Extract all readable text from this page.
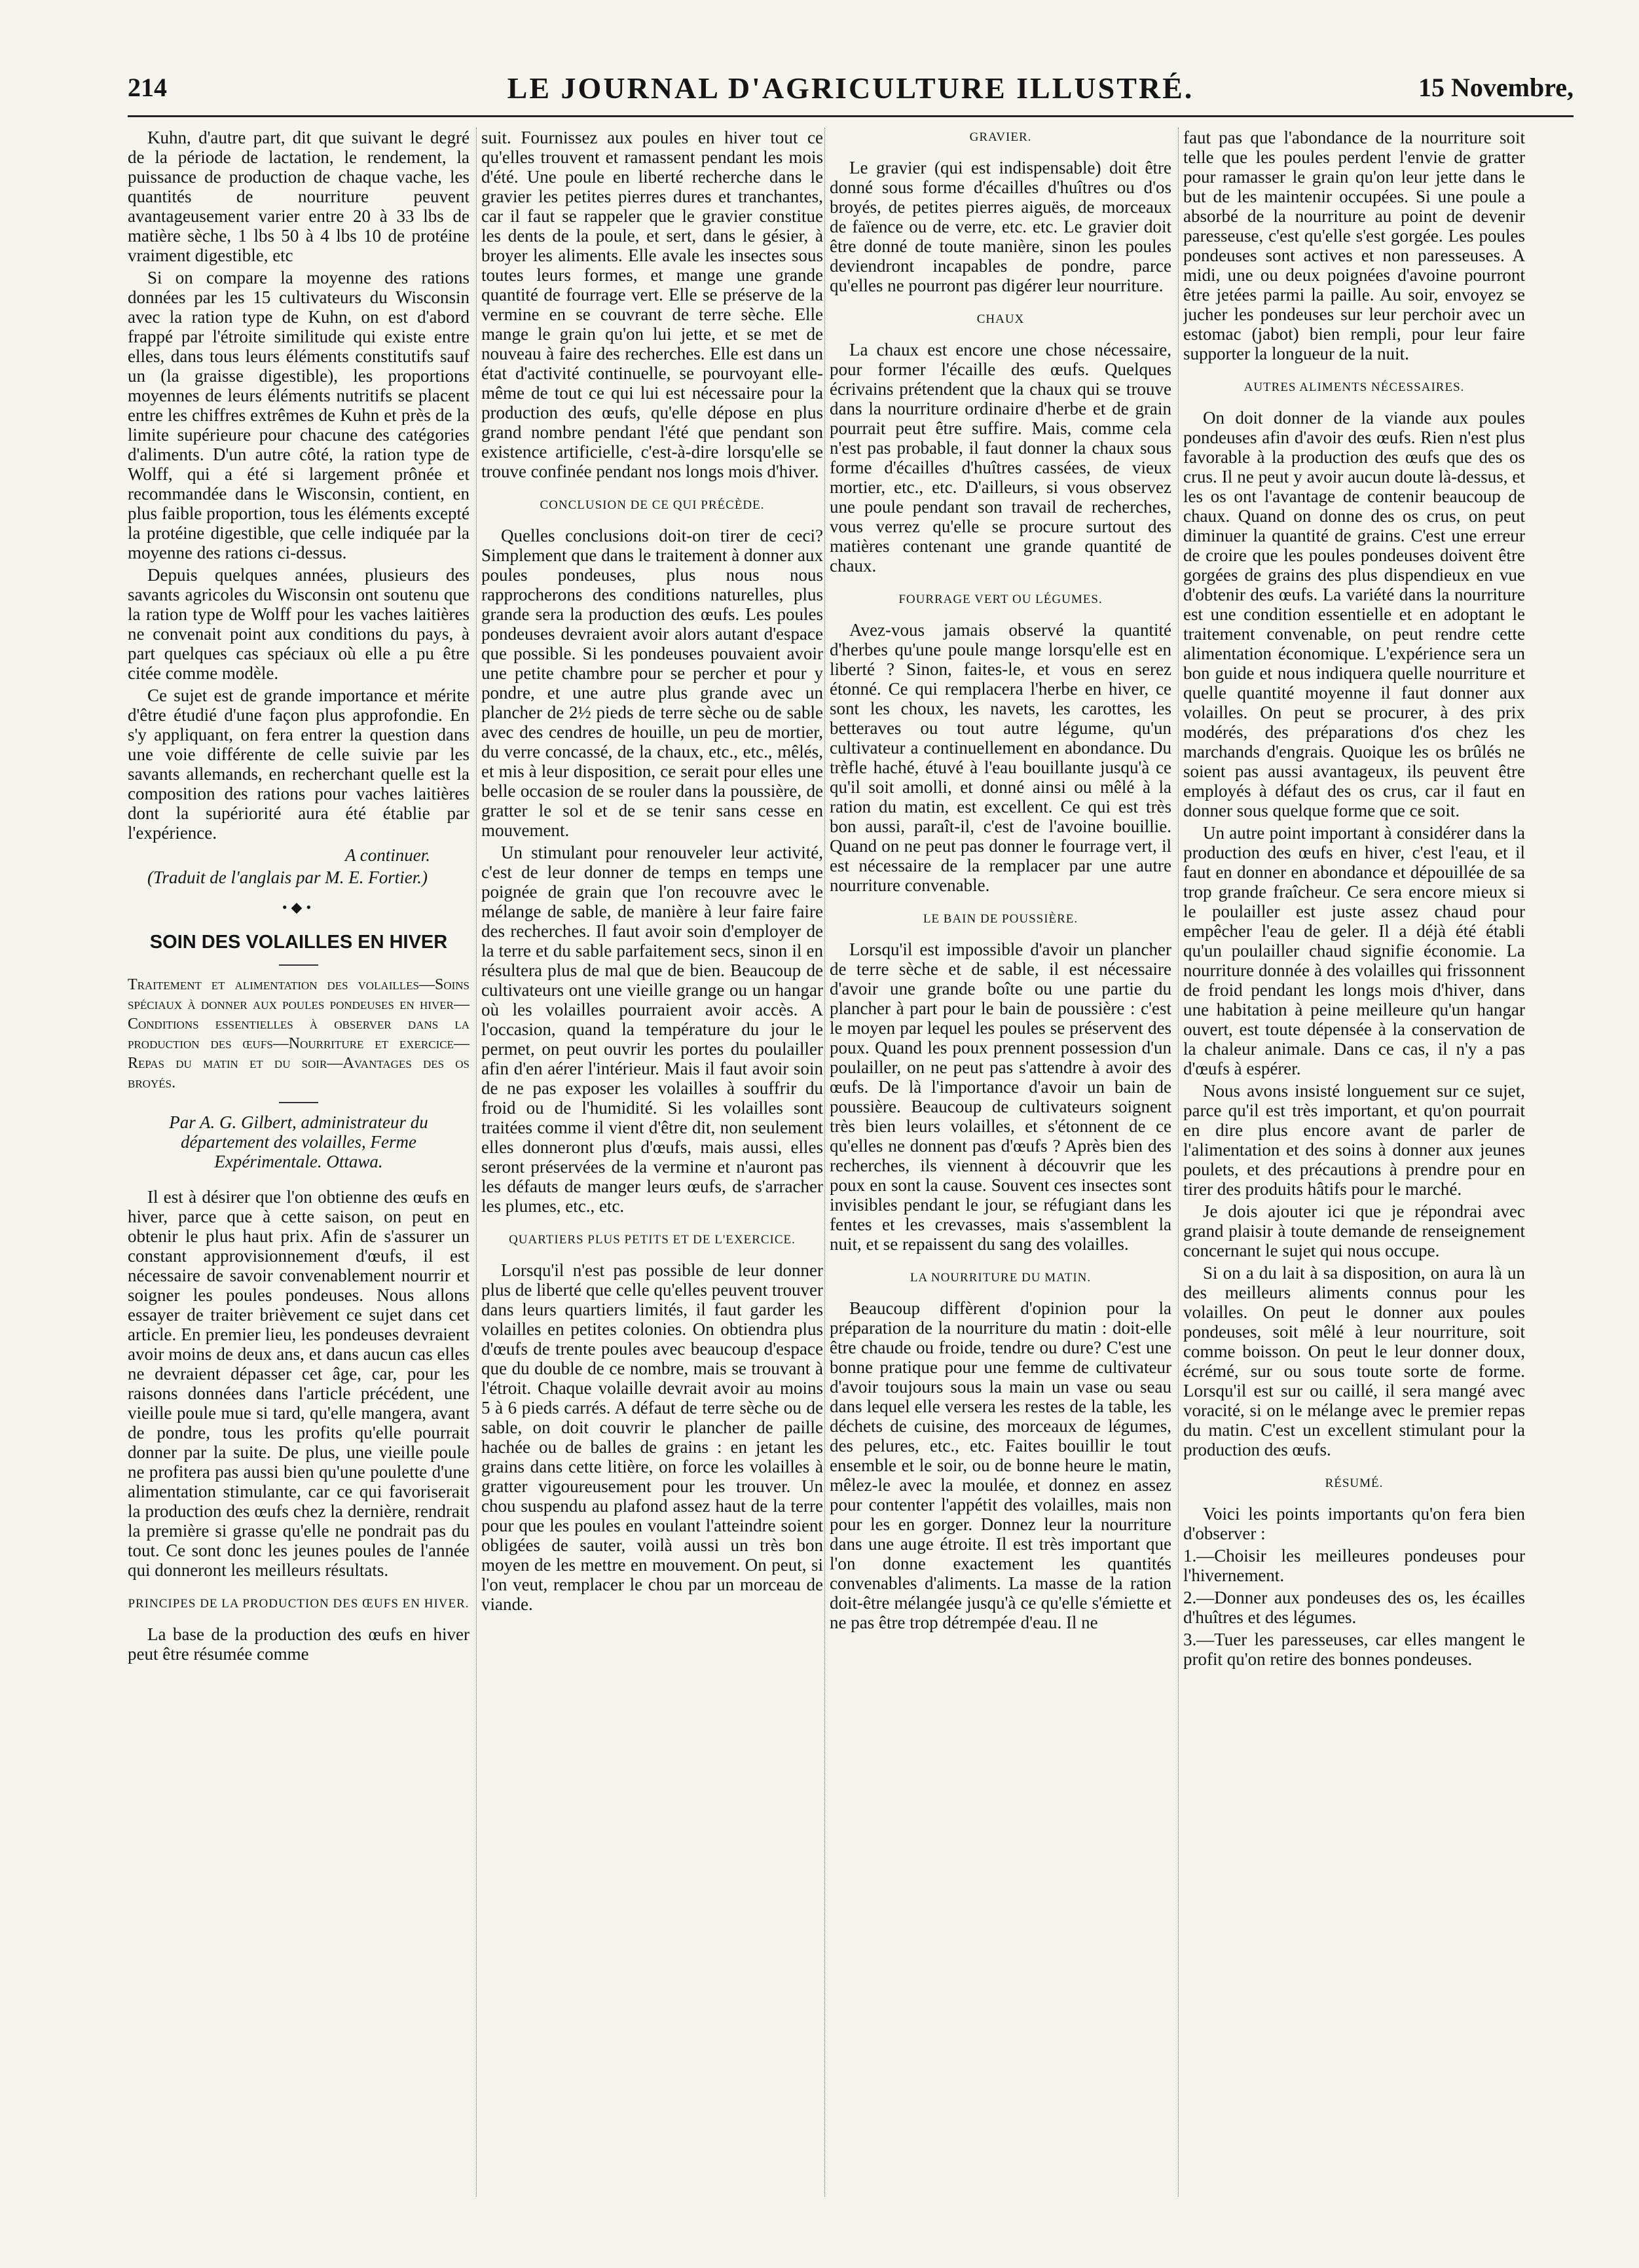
214	LE JOURNAL D'AGRICULTURE ILLUSTRÉ.	15 Novembre,

Kuhn, d'autre part, dit que suivant le degré de la période de lactation, le rendement, la puissance de production de chaque vache, les quantités de nourriture peuvent avantageusement varier entre 20 à 33 lbs de matière sèche, 1 lbs 50 à 4 lbs 10 de protéine vraiment digestible, etc

Si on compare la moyenne des rations données par les 15 cultivateurs du Wisconsin avec la ration type de Kuhn, on est d'abord frappé par l'étroite similitude qui existe entre elles, dans tous leurs éléments constitutifs sauf un (la graisse digestible), les proportions moyennes de leurs éléments nutritifs se placent entre les chiffres extrêmes de Kuhn et près de la limite supérieure pour chacune des catégories d'aliments. D'un autre côté, la ration type de Wolff, qui a été si largement prônée et recommandée dans le Wisconsin, contient, en plus faible proportion, tous les éléments excepté la protéine digestible, que celle indiquée par la moyenne des rations ci-dessus.

Depuis quelques années, plusieurs des savants agricoles du Wisconsin ont soutenu que la ration type de Wolff pour les vaches laitières ne convenait point aux conditions du pays, à part quelques cas spéciaux où elle a pu être citée comme modèle.

Ce sujet est de grande importance et mérite d'être étudié d'une façon plus approfondie. En s'y appliquant, on fera entrer la question dans une voie différente de celle suivie par les savants allemands, en recherchant quelle est la composition des rations pour vaches laitières dont la supériorité aura été établie par l'expérience.

A continuer.

(Traduit de l'anglais par M. E. Fortier.)

•◆•
SOIN DES VOLAILLES EN HIVER

Traitement et alimentation des volailles—Soins spéciaux à donner aux poules pondeuses en hiver—Conditions essentielles à observer dans la production des œufs—Nourriture et exercice—Repas du matin et du soir—Avantages des os broyés.

Par A. G. Gilbert, administrateur du département des volailles, Ferme Expérimentale. Ottawa.

Il est à désirer que l'on obtienne des œufs en hiver, parce que à cette saison, on peut en obtenir le plus haut prix. Afin de s'assurer un constant approvisionnement d'œufs, il est nécessaire de savoir convenablement nourrir et soigner les poules pondeuses. Nous allons essayer de traiter brièvement ce sujet dans cet article. En premier lieu, les pondeuses devraient avoir moins de deux ans, et dans aucun cas elles ne devraient dépasser cet âge, car, pour les raisons données dans l'article précédent, une vieille poule mue si tard, qu'elle mangera, avant de pondre, tous les profits qu'elle pourrait donner par la suite. De plus, une vieille poule ne profitera pas aussi bien qu'une poulette d'une alimentation stimulante, car ce qui favoriserait la production des œufs chez la dernière, rendrait la première si grasse qu'elle ne pondrait pas du tout. Ce sont donc les jeunes poules de l'année qui donneront les meilleurs résultats.

PRINCIPES DE LA PRODUCTION DES ŒUFS EN HIVER.

La base de la production des œufs en hiver peut être résumée comme

suit. Fournissez aux poules en hiver tout ce qu'elles trouvent et ramassent pendant les mois d'été. Une poule en liberté recherche dans le gravier les petites pierres dures et tranchantes, car il faut se rappeler que le gravier constitue les dents de la poule, et sert, dans le gésier, à broyer les aliments. Elle avale les insectes sous toutes leurs formes, et mange une grande quantité de fourrage vert. Elle se préserve de la vermine en se couvrant de terre sèche. Elle mange le grain qu'on lui jette, et se met de nouveau à faire des recherches. Elle est dans un état d'activité continuelle, se pourvoyant elle-même de tout ce qui lui est nécessaire pour la production des œufs, qu'elle dépose en plus grand nombre pendant l'été que pendant son existence artificielle, c'est-à-dire lorsqu'elle se trouve confinée pendant nos longs mois d'hiver.

CONCLUSION DE CE QUI PRÉCÈDE.

Quelles conclusions doit-on tirer de ceci? Simplement que dans le traitement à donner aux poules pondeuses, plus nous nous rapprocherons des conditions naturelles, plus grande sera la production des œufs. Les poules pondeuses devraient avoir alors autant d'espace que possible. Si les pondeuses pouvaient avoir une petite chambre pour se percher et pour y pondre, et une autre plus grande avec un plancher de 2½ pieds de terre sèche ou de sable avec des cendres de houille, un peu de mortier, du verre concassé, de la chaux, etc., etc., mêlés, et mis à leur disposition, ce serait pour elles une belle occasion de se rouler dans la poussière, de gratter le sol et de se tenir sans cesse en mouvement.

Un stimulant pour renouveler leur activité, c'est de leur donner de temps en temps une poignée de grain que l'on recouvre avec le mélange de sable, de manière à leur faire faire des recherches. Il faut avoir soin d'employer de la terre et du sable parfaitement secs, sinon il en résultera plus de mal que de bien. Beaucoup de cultivateurs ont une vieille grange ou un hangar où les volailles pourraient avoir accès. A l'occasion, quand la température du jour le permet, on peut ouvrir les portes du poulailler afin d'en aérer l'intérieur. Mais il faut avoir soin de ne pas exposer les volailles à souffrir du froid ou de l'humidité. Si les volailles sont traitées comme il vient d'être dit, non seulement elles donneront plus d'œufs, mais aussi, elles seront préservées de la vermine et n'auront pas les défauts de manger leurs œufs, de s'arracher les plumes, etc., etc.

QUARTIERS PLUS PETITS ET DE L'EXERCICE.

Lorsqu'il n'est pas possible de leur donner plus de liberté que celle qu'elles peuvent trouver dans leurs quartiers limités, il faut garder les volailles en petites colonies. On obtiendra plus d'œufs de trente poules avec beaucoup d'espace que du double de ce nombre, mais se trouvant à l'étroit. Chaque volaille devrait avoir au moins 5 à 6 pieds carrés. A défaut de terre sèche ou de sable, on doit couvrir le plancher de paille hachée ou de balles de grains : en jetant les grains dans cette litière, on force les volailles à gratter vigoureusement pour les trouver. Un chou suspendu au plafond assez haut de la terre pour que les poules en voulant l'atteindre soient obligées de sauter, voilà aussi un très bon moyen de les mettre en mouvement. On peut, si l'on veut, remplacer le chou par un morceau de viande.

GRAVIER.

Le gravier (qui est indispensable) doit être donné sous forme d'écailles d'huîtres ou d'os broyés, de petites pierres aiguës, de morceaux de faïence ou de verre, etc. etc. Le gravier doit être donné de toute manière, sinon les poules deviendront incapables de pondre, parce qu'elles ne pourront pas digérer leur nourriture.

CHAUX

La chaux est encore une chose nécessaire, pour former l'écaille des œufs. Quelques écrivains prétendent que la chaux qui se trouve dans la nourriture ordinaire d'herbe et de grain pourrait peut être suffire. Mais, comme cela n'est pas probable, il faut donner la chaux sous forme d'écailles d'huîtres cassées, de vieux mortier, etc., etc. D'ailleurs, si vous observez une poule pendant son travail de recherches, vous verrez qu'elle se procure surtout des matières contenant une grande quantité de chaux.

FOURRAGE VERT OU LÉGUMES.

Avez-vous jamais observé la quantité d'herbes qu'une poule mange lorsqu'elle est en liberté ? Sinon, faites-le, et vous en serez étonné. Ce qui remplacera l'herbe en hiver, ce sont les choux, les navets, les carottes, les betteraves ou tout autre légume, qu'un cultivateur a continuellement en abondance. Du trèfle haché, étuvé à l'eau bouillante jusqu'à ce qu'il soit amolli, et donné ainsi ou mêlé à la ration du matin, est excellent. Ce qui est très bon aussi, paraît-il, c'est de l'avoine bouillie. Quand on ne peut pas donner le fourrage vert, il est nécessaire de la remplacer par une autre nourriture convenable.

LE BAIN DE POUSSIÈRE.

Lorsqu'il est impossible d'avoir un plancher de terre sèche et de sable, il est nécessaire d'avoir une grande boîte ou une partie du plancher à part pour le bain de poussière : c'est le moyen par lequel les poules se préservent des poux. Quand les poux prennent possession d'un poulailler, on ne peut pas s'attendre à avoir des œufs. De là l'importance d'avoir un bain de poussière. Beaucoup de cultivateurs soignent très bien leurs volailles, et s'étonnent de ce qu'elles ne donnent pas d'œufs ? Après bien des recherches, ils viennent à découvrir que les poux en sont la cause. Souvent ces insectes sont invisibles pendant le jour, se réfugiant dans les fentes et les crevasses, mais s'assemblent la nuit, et se repaissent du sang des volailles.

LA NOURRITURE DU MATIN.

Beaucoup diffèrent d'opinion pour la préparation de la nourriture du matin : doit-elle être chaude ou froide, tendre ou dure? C'est une bonne pratique pour une femme de cultivateur d'avoir toujours sous la main un vase ou seau dans lequel elle versera les restes de la table, les déchets de cuisine, des morceaux de légumes, des pelures, etc., etc. Faites bouillir le tout ensemble et le soir, ou de bonne heure le matin, mêlez-le avec la moulée, et donnez en assez pour contenter l'appétit des volailles, mais non pour les en gorger. Donnez leur la nourriture dans une auge étroite. Il est très important que l'on donne exactement les quantités convenables d'aliments. La masse de la ration doit-être mélangée jusqu'à ce qu'elle s'émiette et ne pas être trop détrempée d'eau. Il ne

faut pas que l'abondance de la nourriture soit telle que les poules perdent l'envie de gratter pour ramasser le grain qu'on leur jette dans le but de les maintenir occupées. Si une poule a absorbé de la nourriture au point de devenir paresseuse, c'est qu'elle s'est gorgée. Les poules pondeuses sont actives et non paresseuses. A midi, une ou deux poignées d'avoine pourront être jetées parmi la paille. Au soir, envoyez se jucher les pondeuses sur leur perchoir avec un estomac (jabot) bien rempli, pour leur faire supporter la longueur de la nuit.

AUTRES ALIMENTS NÉCESSAIRES.

On doit donner de la viande aux poules pondeuses afin d'avoir des œufs. Rien n'est plus favorable à la production des œufs que des os crus. Il ne peut y avoir aucun doute là-dessus, et les os ont l'avantage de contenir beaucoup de chaux. Quand on donne des os crus, on peut diminuer la quantité de grains. C'est une erreur de croire que les poules pondeuses doivent être gorgées de grains des plus dispendieux en vue d'obtenir des œufs. La variété dans la nourriture est une condition essentielle et en adoptant le traitement convenable, on peut rendre cette alimentation économique. L'expérience sera un bon guide et nous indiquera quelle nourriture et quelle quantité moyenne il faut donner aux volailles. On peut se procurer, à des prix modérés, des préparations d'os chez les marchands d'engrais. Quoique les os brûlés ne soient pas aussi avantageux, ils peuvent être employés à défaut des os crus, car il faut en donner sous quelque forme que ce soit.

Un autre point important à considérer dans la production des œufs en hiver, c'est l'eau, et il faut en donner en abondance et dépouillée de sa trop grande fraîcheur. Ce sera encore mieux si le poulailler est juste assez chaud pour empêcher l'eau de geler. Il a déjà été établi qu'un poulailler chaud signifie économie. La nourriture donnée à des volailles qui frissonnent de froid pendant les longs mois d'hiver, dans une habitation à peine meilleure qu'un hangar ouvert, est toute dépensée à la conservation de la chaleur animale. Dans ce cas, il n'y a pas d'œufs à espérer.

Nous avons insisté longuement sur ce sujet, parce qu'il est très important, et qu'on pourrait en dire plus encore avant de parler de l'alimentation et des soins à donner aux jeunes poulets, et des précautions à prendre pour en tirer des produits hâtifs pour le marché.

Je dois ajouter ici que je répondrai avec grand plaisir à toute demande de renseignement concernant le sujet qui nous occupe.

Si on a du lait à sa disposition, on aura là un des meilleurs aliments connus pour les volailles. On peut le donner aux poules pondeuses, soit mêlé à leur nourriture, soit comme boisson. On peut le leur donner doux, écrémé, sur ou sous toute sorte de forme. Lorsqu'il est sur ou caillé, il sera mangé avec voracité, si on le mélange avec le premier repas du matin. C'est un excellent stimulant pour la production des œufs.

RÉSUMÉ.

Voici les points importants qu'on fera bien d'observer :

1.—Choisir les meilleures pondeuses pour l'hivernement.

2.—Donner aux pondeuses des os, les écailles d'huîtres et des légumes.

3.—Tuer les paresseuses, car elles mangent le profit qu'on retire des bonnes pondeuses.
